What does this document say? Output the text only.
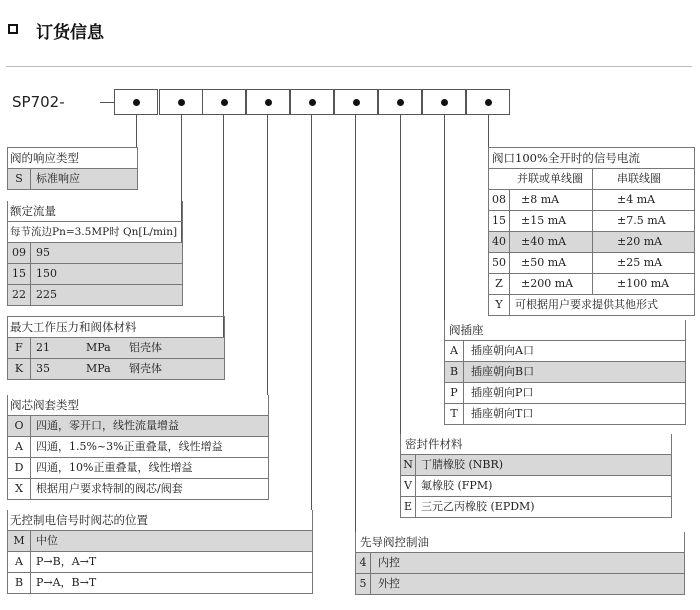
订货信息
SP702-
阀的响应类型
S	标准响应
额定流量
每节流边Pn=3.5MP时 Qn[L/min]
09 95
15 150
22 225
最大工作压力和阀体材料
F	21	MPa 铝壳体
K	35	MPa 钢壳体
阀芯阀套类型
O	四通，零开口，线性流量增益
A	四通，1.5%~3%正重叠量，线性增益
D	四通，10%正重叠量，线性增益
X	根据用户要求特制的阀芯/阀套
无控制电信号时阀芯的位置
M	中位
A	P→B，A→T
B	P→A，B→T
先导阀控制油
4	内控
5	外控
密封件材料
N 丁腈橡胶 (NBR)
V 氟橡胶 (FPM)
E 三元乙丙橡胶 (EPDM)
阀插座
A	插座朝向A口
B	插座朝向B口
P	插座朝向P口
T	插座朝向T口
阀口100%全开时的信号电流
并联或单线圈	串联线圈
08	±8 mA	±4 mA
15	±15 mA	±7.5 mA
40	±40 mA	±20 mA
50	±50 mA	±25 mA
Z	±200 mA	±100 mA
Y	可根据用户要求提供其他形式
